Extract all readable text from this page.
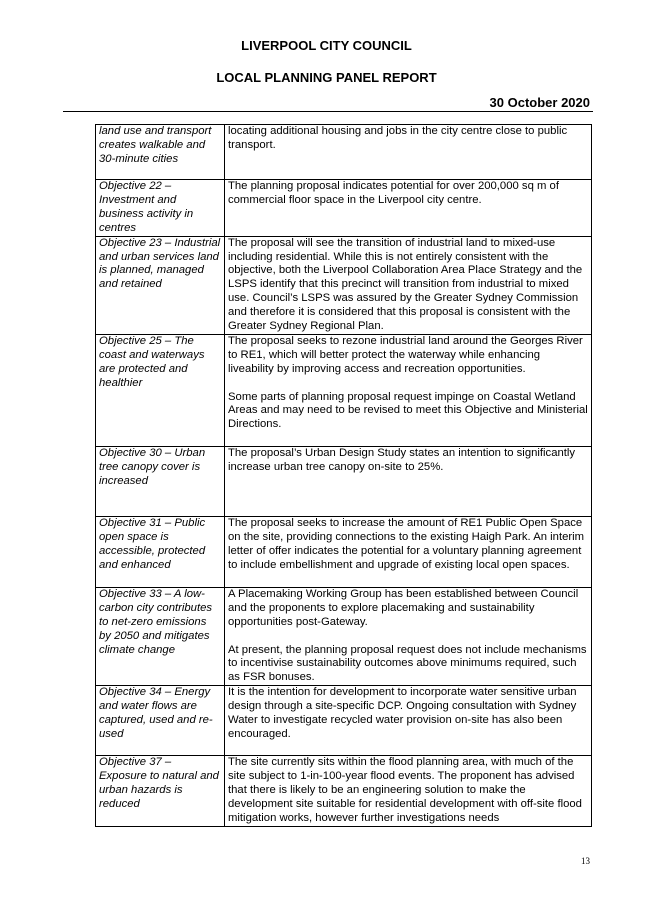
LIVERPOOL CITY COUNCIL
LOCAL PLANNING PANEL REPORT
30 October 2020
land use and transport creates walkable and 30-minute cities	locating additional housing and jobs in the city centre close to public transport.

Objective 22 – Investment and business activity in centres	The planning proposal indicates potential for over 200,000 sq m of commercial floor space in the Liverpool city centre.

Objective 23 – Industrial and urban services land is planned, managed and retained	The proposal will see the transition of industrial land to mixed-use including residential. While this is not entirely consistent with the objective, both the Liverpool Collaboration Area Place Strategy and the LSPS identify that this precinct will transition from industrial to mixed use. Council’s LSPS was assured by the Greater Sydney Commission and therefore it is considered that this proposal is consistent with the Greater Sydney Regional Plan.

Objective 25 – The coast and waterways are protected and healthier	The proposal seeks to rezone industrial land around the Georges River to RE1, which will better protect the waterway while enhancing liveability by improving access and recreation opportunities.

Some parts of planning proposal request impinge on Coastal Wetland Areas and may need to be revised to meet this Objective and Ministerial Directions.

Objective 30 – Urban tree canopy cover is increased	The proposal’s Urban Design Study states an intention to significantly increase urban tree canopy on-site to 25%.

Objective 31 – Public open space is accessible, protected and enhanced	The proposal seeks to increase the amount of RE1 Public Open Space on the site, providing connections to the existing Haigh Park. An interim letter of offer indicates the potential for a voluntary planning agreement to include embellishment and upgrade of existing local open spaces.

Objective 33 – A low-carbon city contributes to net-zero emissions by 2050 and mitigates climate change	A Placemaking Working Group has been established between Council and the proponents to explore placemaking and sustainability opportunities post-Gateway.

At present, the planning proposal request does not include mechanisms to incentivise sustainability outcomes above minimums required, such as FSR bonuses.

Objective 34 – Energy and water flows are captured, used and re-used	It is the intention for development to incorporate water sensitive urban design through a site-specific DCP. Ongoing consultation with Sydney Water to investigate recycled water provision on-site has also been encouraged.

Objective 37 – Exposure to natural and urban hazards is reduced	The site currently sits within the flood planning area, with much of the site subject to 1-in-100-year flood events. The proponent has advised that there is likely to be an engineering solution to make the development site suitable for residential development with off-site flood mitigation works, however further investigations needs

13
